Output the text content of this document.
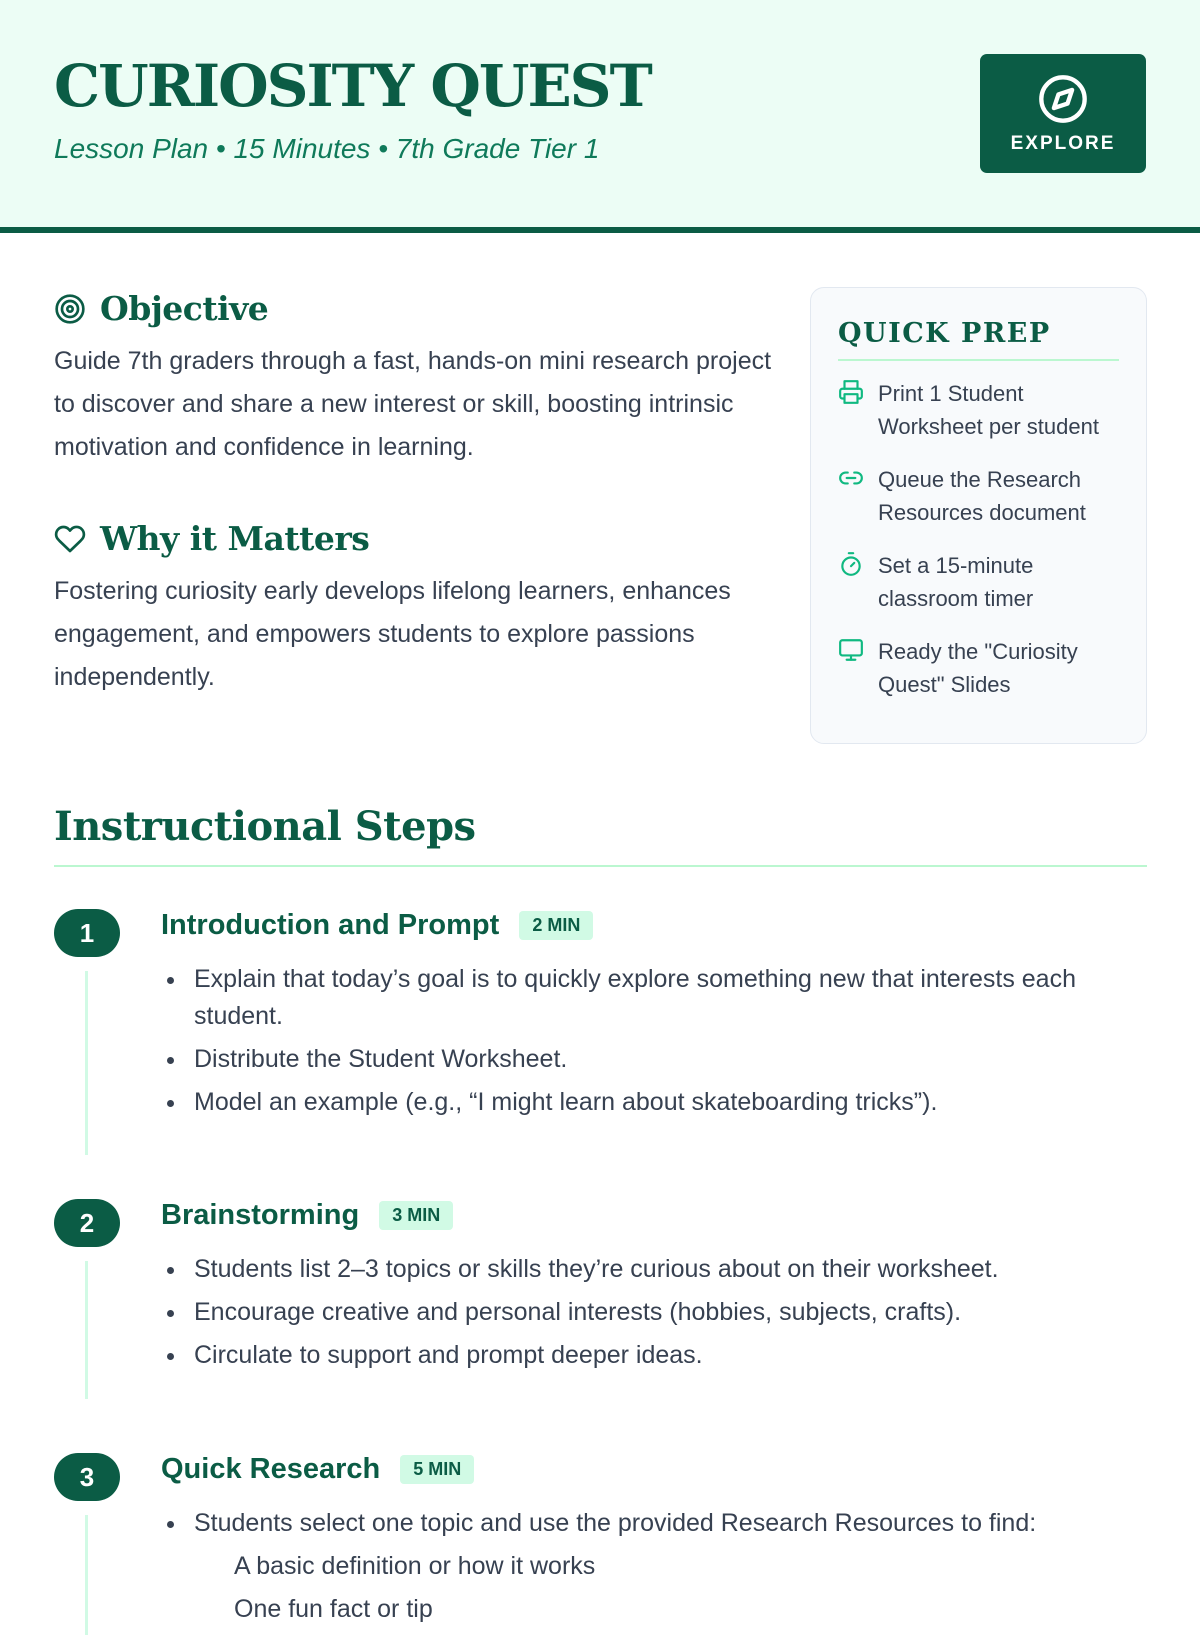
CURIOSITY QUEST
Lesson Plan • 15 Minutes • 7th Grade Tier 1	EXPLORE
Objective
Guide 7th graders through a fast, hands-on mini research project to discover and share a new interest or skill, boosting intrinsic motivation and confidence in learning.
Why it Matters
Fostering curiosity early develops lifelong learners, enhances engagement, and empowers students to explore passions independently.
QUICK PREP
Print 1 Student Worksheet per student
Queue the Research Resources document
Set a 15-minute classroom timer
Ready the "Curiosity Quest" Slides
Instructional Steps
1	Introduction and Prompt	2 MIN
Explain that today’s goal is to quickly explore something new that interests each student.
Distribute the Student Worksheet.
Model an example (e.g., “I might learn about skateboarding tricks”).
2	Brainstorming	3 MIN
Students list 2–3 topics or skills they’re curious about on their worksheet.
Encourage creative and personal interests (hobbies, subjects, crafts).
Circulate to support and prompt deeper ideas.
3	Quick Research	5 MIN
Students select one topic and use the provided Research Resources to find:
A basic definition or how it works
One fun fact or tip
